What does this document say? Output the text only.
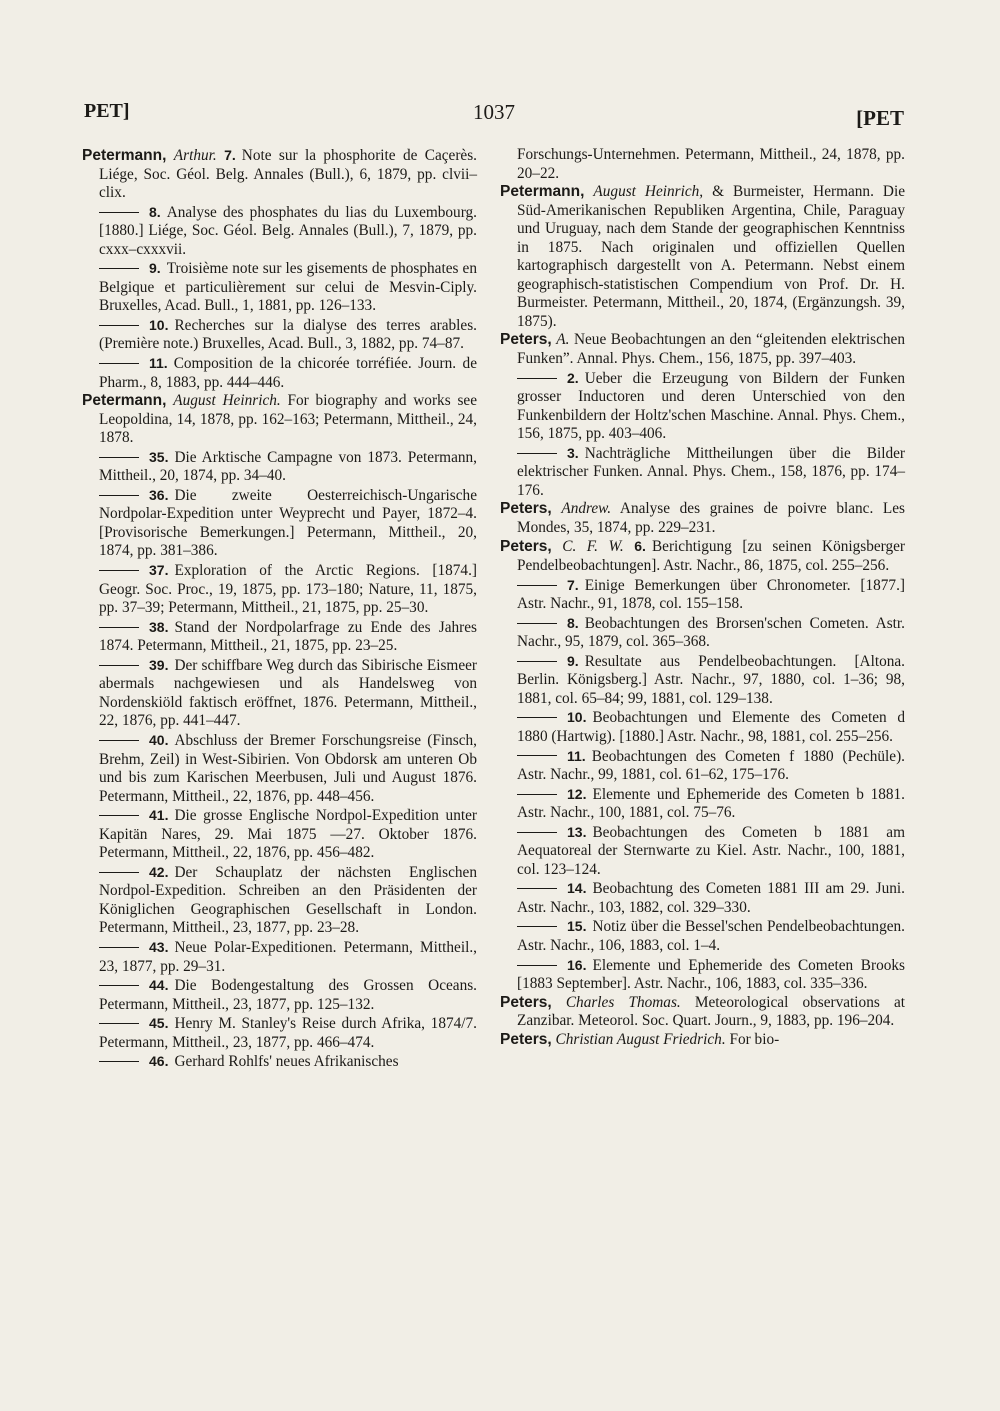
PET]	1037	[PET

Petermann, Arthur. 7. Note sur la phosphorite de Caçerès. Liége, Soc. Géol. Belg. Annales (Bull.), 6, 1879, pp. clvii–clix.

8. Analyse des phosphates du lias du Luxembourg. [1880.] Liége, Soc. Géol. Belg. Annales (Bull.), 7, 1879, pp. cxxx–cxxxvii.

9. Troisième note sur les gisements de phosphates en Belgique et particulièrement sur celui de Mesvin-Ciply. Bruxelles, Acad. Bull., 1, 1881, pp. 126–133.

10. Recherches sur la dialyse des terres arables. (Première note.) Bruxelles, Acad. Bull., 3, 1882, pp. 74–87.

11. Composition de la chicorée torréfiée. Journ. de Pharm., 8, 1883, pp. 444–446.

Petermann, August Heinrich. For biography and works see Leopoldina, 14, 1878, pp. 162–163; Petermann, Mittheil., 24, 1878.

35. Die Arktische Campagne von 1873. Petermann, Mittheil., 20, 1874, pp. 34–40.

36. Die zweite Oesterreichisch-Ungarische Nordpolar-Expedition unter Weyprecht und Payer, 1872–4. [Provisorische Bemerkungen.] Petermann, Mittheil., 20, 1874, pp. 381–386.

37. Exploration of the Arctic Regions. [1874.] Geogr. Soc. Proc., 19, 1875, pp. 173–180; Nature, 11, 1875, pp. 37–39; Petermann, Mittheil., 21, 1875, pp. 25–30.

38. Stand der Nordpolarfrage zu Ende des Jahres 1874. Petermann, Mittheil., 21, 1875, pp. 23–25.

39. Der schiffbare Weg durch das Sibirische Eismeer abermals nachgewiesen und als Handelsweg von Nordenskiöld faktisch eröffnet, 1876. Petermann, Mittheil., 22, 1876, pp. 441–447.

40. Abschluss der Bremer Forschungsreise (Finsch, Brehm, Zeil) in West-Sibirien. Von Obdorsk am unteren Ob und bis zum Karischen Meerbusen, Juli und August 1876. Petermann, Mittheil., 22, 1876, pp. 448–456.

41. Die grosse Englische Nordpol-Expedition unter Kapitän Nares, 29. Mai 1875 —27. Oktober 1876. Petermann, Mittheil., 22, 1876, pp. 456–482.

42. Der Schauplatz der nächsten Englischen Nordpol-Expedition. Schreiben an den Präsidenten der Königlichen Geographischen Gesellschaft in London. Petermann, Mittheil., 23, 1877, pp. 23–28.

43. Neue Polar-Expeditionen. Petermann, Mittheil., 23, 1877, pp. 29–31.

44. Die Bodengestaltung des Grossen Oceans. Petermann, Mittheil., 23, 1877, pp. 125–132.

45. Henry M. Stanley's Reise durch Afrika, 1874/7. Petermann, Mittheil., 23, 1877, pp. 466–474.

46. Gerhard Rohlfs' neues Afrikanisches

Forschungs-Unternehmen. Petermann, Mittheil., 24, 1878, pp. 20–22.

Petermann, August Heinrich, & Burmeister, Hermann. Die Süd-Amerikanischen Republiken Argentina, Chile, Paraguay und Uruguay, nach dem Stande der geographischen Kenntniss in 1875. Nach originalen und offiziellen Quellen kartographisch dargestellt von A. Petermann. Nebst einem geographisch-statistischen Compendium von Prof. Dr. H. Burmeister. Petermann, Mittheil., 20, 1874, (Ergänzungsh. 39, 1875).

Peters, A. Neue Beobachtungen an den “gleitenden elektrischen Funken”. Annal. Phys. Chem., 156, 1875, pp. 397–403.

2. Ueber die Erzeugung von Bildern der Funken grosser Inductoren und deren Unterschied von den Funkenbildern der Holtz'schen Maschine. Annal. Phys. Chem., 156, 1875, pp. 403–406.

3. Nachträgliche Mittheilungen über die Bilder elektrischer Funken. Annal. Phys. Chem., 158, 1876, pp. 174–176.

Peters, Andrew. Analyse des graines de poivre blanc. Les Mondes, 35, 1874, pp. 229–231.

Peters, C. F. W. 6. Berichtigung [zu seinen Königsberger Pendelbeobachtungen]. Astr. Nachr., 86, 1875, col. 255–256.

7. Einige Bemerkungen über Chronometer. [1877.] Astr. Nachr., 91, 1878, col. 155–158.

8. Beobachtungen des Brorsen'schen Cometen. Astr. Nachr., 95, 1879, col. 365–368.

9. Resultate aus Pendelbeobachtungen. [Altona. Berlin. Königsberg.] Astr. Nachr., 97, 1880, col. 1–36; 98, 1881, col. 65–84; 99, 1881, col. 129–138.

10. Beobachtungen und Elemente des Cometen d 1880 (Hartwig). [1880.] Astr. Nachr., 98, 1881, col. 255–256.

11. Beobachtungen des Cometen f 1880 (Pechüle). Astr. Nachr., 99, 1881, col. 61–62, 175–176.

12. Elemente und Ephemeride des Cometen b 1881. Astr. Nachr., 100, 1881, col. 75–76.

13. Beobachtungen des Cometen b 1881 am Aequatoreal der Sternwarte zu Kiel. Astr. Nachr., 100, 1881, col. 123–124.

14. Beobachtung des Cometen 1881 III am 29. Juni. Astr. Nachr., 103, 1882, col. 329–330.

15. Notiz über die Bessel'schen Pendelbeobachtungen. Astr. Nachr., 106, 1883, col. 1–4.

16. Elemente und Ephemeride des Cometen Brooks [1883 September]. Astr. Nachr., 106, 1883, col. 335–336.

Peters, Charles Thomas. Meteorological observations at Zanzibar. Meteorol. Soc. Quart. Journ., 9, 1883, pp. 196–204.

Peters, Christian August Friedrich. For bio-
